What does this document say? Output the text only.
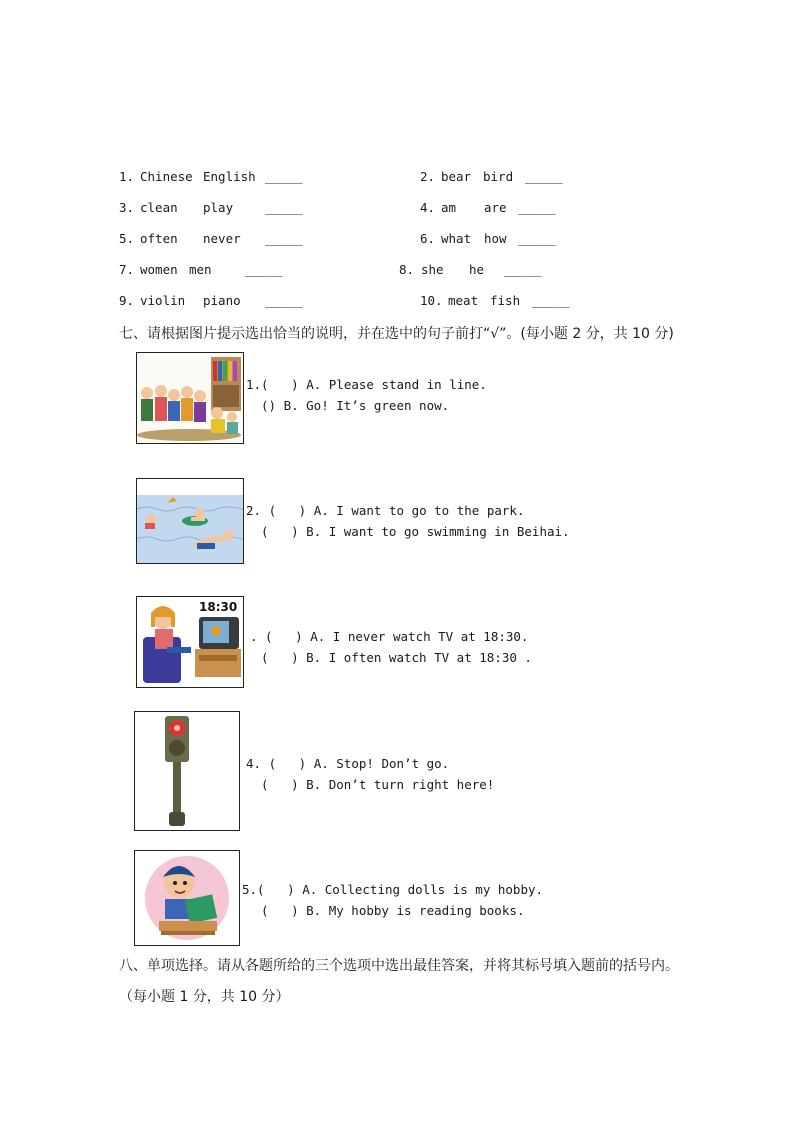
1. Chinese English _____	2. bear bird _____
3. clean play	_____	4. am are _____
5. often never _____	6. what how _____
7. women men	_____	8. she he _____
9. violin piano _____	10. meat fish _____
七、请根据图片提示选出恰当的说明，并在选中的句子前打“√”。(每小题 2 分，共 10 分)
1.(   ) A. Please stand in line.
() B. Go! It’s green now.
2. (   ) A. I want to go to the park.
(   ) B. I want to go swimming in Beihai.
18:30
. (   ) A. I never watch TV at 18:30.
(   ) B. I often watch TV at 18:30 .
4. (   ) A. Stop! Don’t go.
(   ) B. Don’t turn right here!
5.(   ) A. Collecting dolls is my hobby.
(   ) B. My hobby is reading books.
八、单项选择。请从各题所给的三个选项中选出最佳答案，并将其标号填入题前的括号内。
（每小题 1 分，共 10 分）
